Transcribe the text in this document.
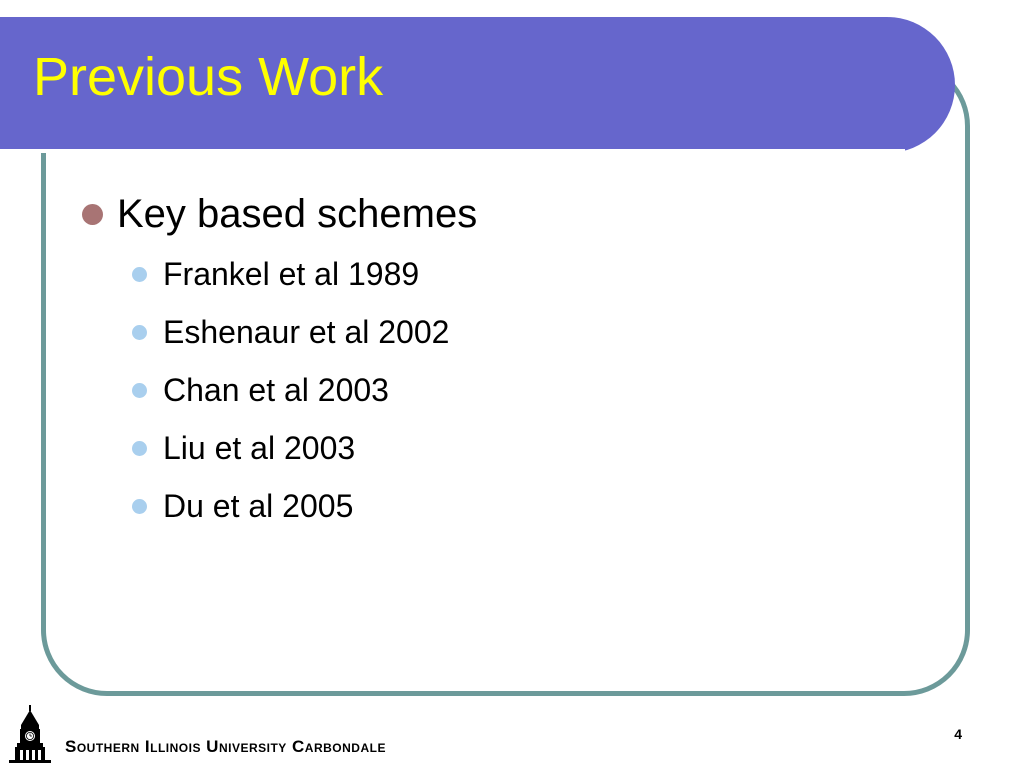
Previous Work
Key based schemes
Frankel et al 1989
Eshenaur et al 2002
Chan et al 2003
Liu et al 2003
Du et al 2005
Southern Illinois University Carbondale
4
